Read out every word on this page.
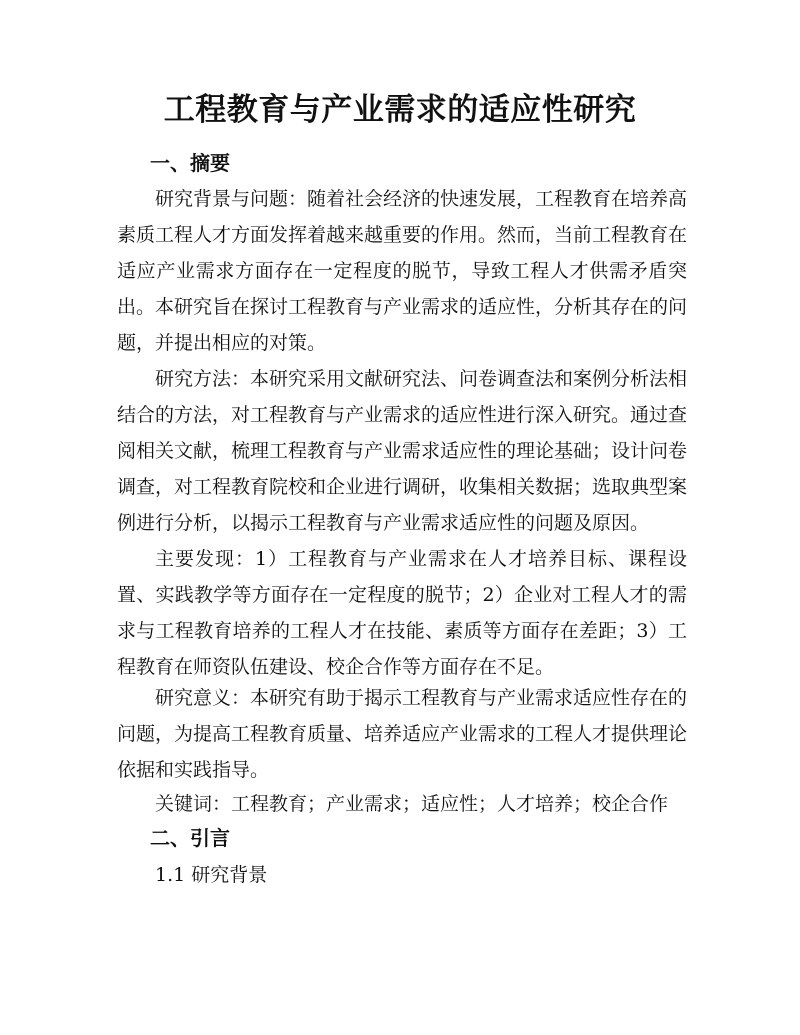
工程教育与产业需求的适应性研究
一、摘要

研究背景与问题：随着社会经济的快速发展，工程教育在培养高素质工程人才方面发挥着越来越重要的作用。然而，当前工程教育在适应产业需求方面存在一定程度的脱节，导致工程人才供需矛盾突出。本研究旨在探讨工程教育与产业需求的适应性，分析其存在的问题，并提出相应的对策。

研究方法：本研究采用文献研究法、问卷调查法和案例分析法相结合的方法，对工程教育与产业需求的适应性进行深入研究。通过查阅相关文献，梳理工程教育与产业需求适应性的理论基础；设计问卷调查，对工程教育院校和企业进行调研，收集相关数据；选取典型案例进行分析，以揭示工程教育与产业需求适应性的问题及原因。

主要发现：1）工程教育与产业需求在人才培养目标、课程设置、实践教学等方面存在一定程度的脱节；2）企业对工程人才的需求与工程教育培养的工程人才在技能、素质等方面存在差距；3）工程教育在师资队伍建设、校企合作等方面存在不足。

研究意义：本研究有助于揭示工程教育与产业需求适应性存在的问题，为提高工程教育质量、培养适应产业需求的工程人才提供理论依据和实践指导。

关键词：工程教育；产业需求；适应性；人才培养；校企合作
二、引言
1.1 研究背景
